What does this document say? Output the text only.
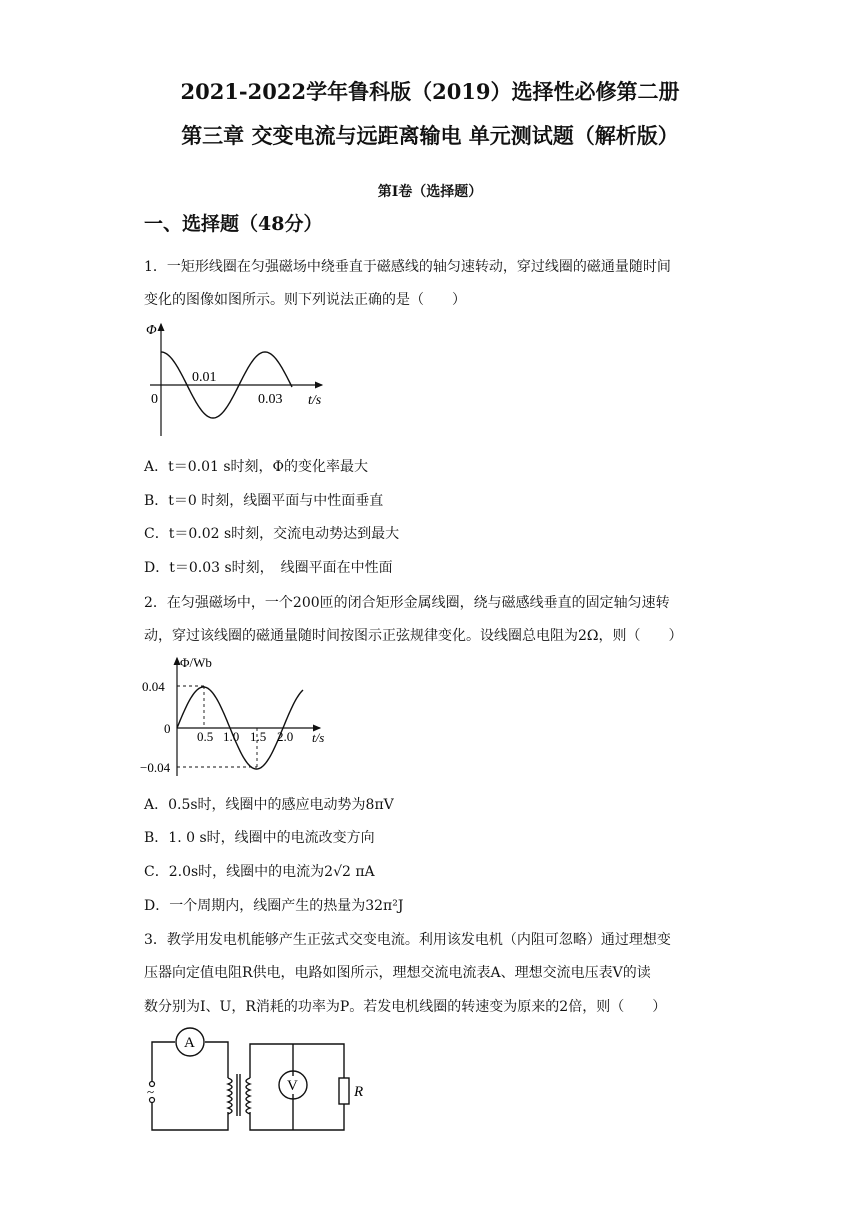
2021-2022学年鲁科版（2019）选择性必修第二册
第三章 交变电流与远距离输电 单元测试题（解析版）
第Ⅰ卷（选择题）
一、选择题（48分）
1．一矩形线圈在匀强磁场中绕垂直于磁感线的轴匀速转动，穿过线圈的磁通量随时间
变化的图像如图所示。则下列说法正确的是（　　）
Φ
0.01
0	0.03 t/s
A．t＝0.01 s时刻，Φ的变化率最大
B．t＝0 时刻，线圈平面与中性面垂直
C．t＝0.02 s时刻，交流电动势达到最大
D．t＝0.03 s时刻，　线圈平面在中性面
2．在匀强磁场中，一个200匝的闭合矩形金属线圈，绕与磁感线垂直的固定轴匀速转
动，穿过该线圈的磁通量随时间按图示正弦规律变化。设线圈总电阻为2Ω，则（　　）
Φ/Wb
0.04
0
−0.04
0.5 1.0 1.5 2.0 t/s
A．0.5s时，线圈中的感应电动势为8πV
B．1. 0 s时，线圈中的电流改变方向
C．2.0s时，线圈中的电流为2√2 πA
D．一个周期内，线圈产生的热量为32π²J
3．教学用发电机能够产生正弦式交变电流。利用该发电机（内阻可忽略）通过理想变
压器向定值电阻R供电，电路如图所示，理想交流电流表A、理想交流电压表V的读
数分别为I、U，R消耗的功率为P。若发电机线圈的转速变为原来的2倍，则（　　）
~
A
V	R
